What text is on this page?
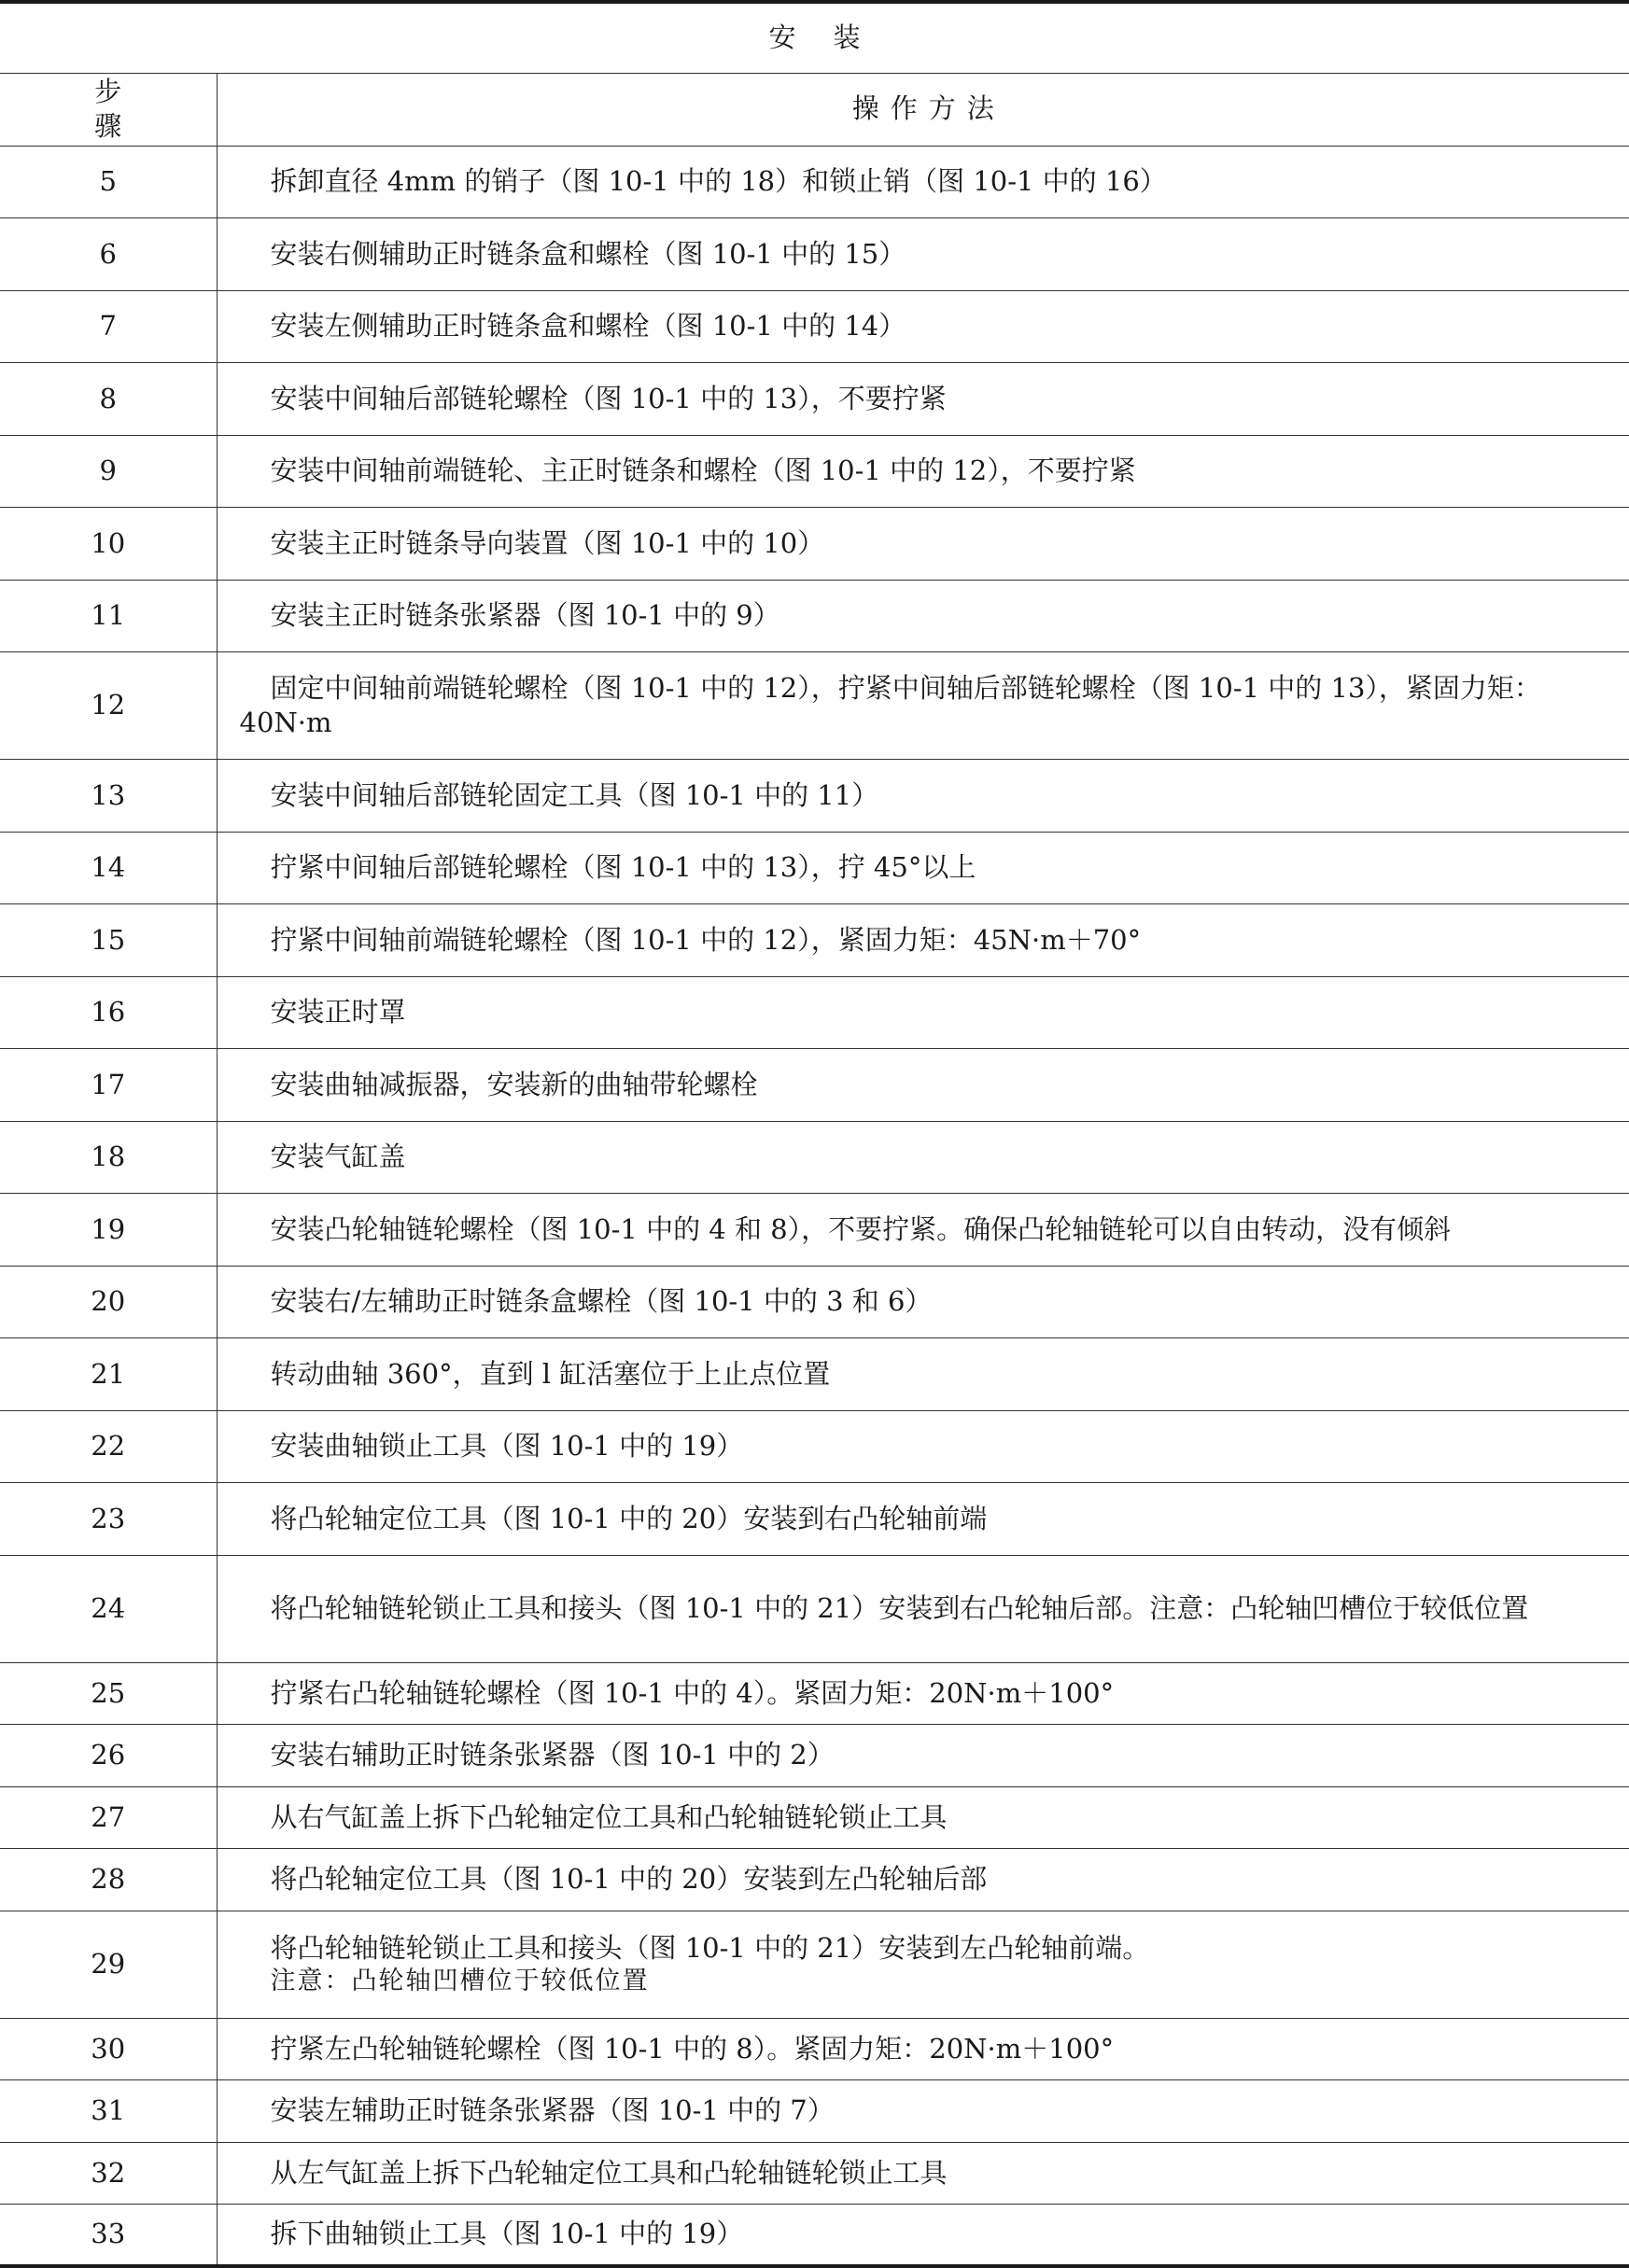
安装	
步骤	操作方法
5	拆卸直径 4mm 的销子（图 10-1 中的 18）和锁止销（图 10-1 中的 16）
6	安装右侧辅助正时链条盒和螺栓（图 10-1 中的 15）
7	安装左侧辅助正时链条盒和螺栓（图 10-1 中的 14）
8	安装中间轴后部链轮螺栓（图 10-1 中的 13），不要拧紧
9	安装中间轴前端链轮、主正时链条和螺栓（图 10-1 中的 12），不要拧紧
10	安装主正时链条导向装置（图 10-1 中的 10）
11	安装主正时链条张紧器（图 10-1 中的 9）
12	固定中间轴前端链轮螺栓（图 10-1 中的 12），拧紧中间轴后部链轮螺栓（图 10-1 中的 13），紧固力矩：40N·m
13	安装中间轴后部链轮固定工具（图 10-1 中的 11）
14	拧紧中间轴后部链轮螺栓（图 10-1 中的 13），拧 45°以上
15	拧紧中间轴前端链轮螺栓（图 10-1 中的 12），紧固力矩：45N·m＋70°
16	安装正时罩
17	安装曲轴减振器，安装新的曲轴带轮螺栓
18	安装气缸盖
19	安装凸轮轴链轮螺栓（图 10-1 中的 4 和 8），不要拧紧。确保凸轮轴链轮可以自由转动，没有倾斜
20	安装右/左辅助正时链条盒螺栓（图 10-1 中的 3 和 6）
21	转动曲轴 360°，直到 l 缸活塞位于上止点位置
22	安装曲轴锁止工具（图 10-1 中的 19）
23	将凸轮轴定位工具（图 10-1 中的 20）安装到右凸轮轴前端
24	将凸轮轴链轮锁止工具和接头（图 10-1 中的 21）安装到右凸轮轴后部。注意：凸轮轴凹槽位于较低位置
25	拧紧右凸轮轴链轮螺栓（图 10-1 中的 4）。紧固力矩：20N·m＋100°
26	安装右辅助正时链条张紧器（图 10-1 中的 2）
27	从右气缸盖上拆下凸轮轴定位工具和凸轮轴链轮锁止工具
28	将凸轮轴定位工具（图 10-1 中的 20）安装到左凸轮轴后部
29	将凸轮轴链轮锁止工具和接头（图 10-1 中的 21）安装到左凸轮轴前端。
注意：凸轮轴凹槽位于较低位置

30	拧紧左凸轮轴链轮螺栓（图 10-1 中的 8）。紧固力矩：20N·m＋100°
31	安装左辅助正时链条张紧器（图 10-1 中的 7）
32	从左气缸盖上拆下凸轮轴定位工具和凸轮轴链轮锁止工具
33	拆下曲轴锁止工具（图 10-1 中的 19）
